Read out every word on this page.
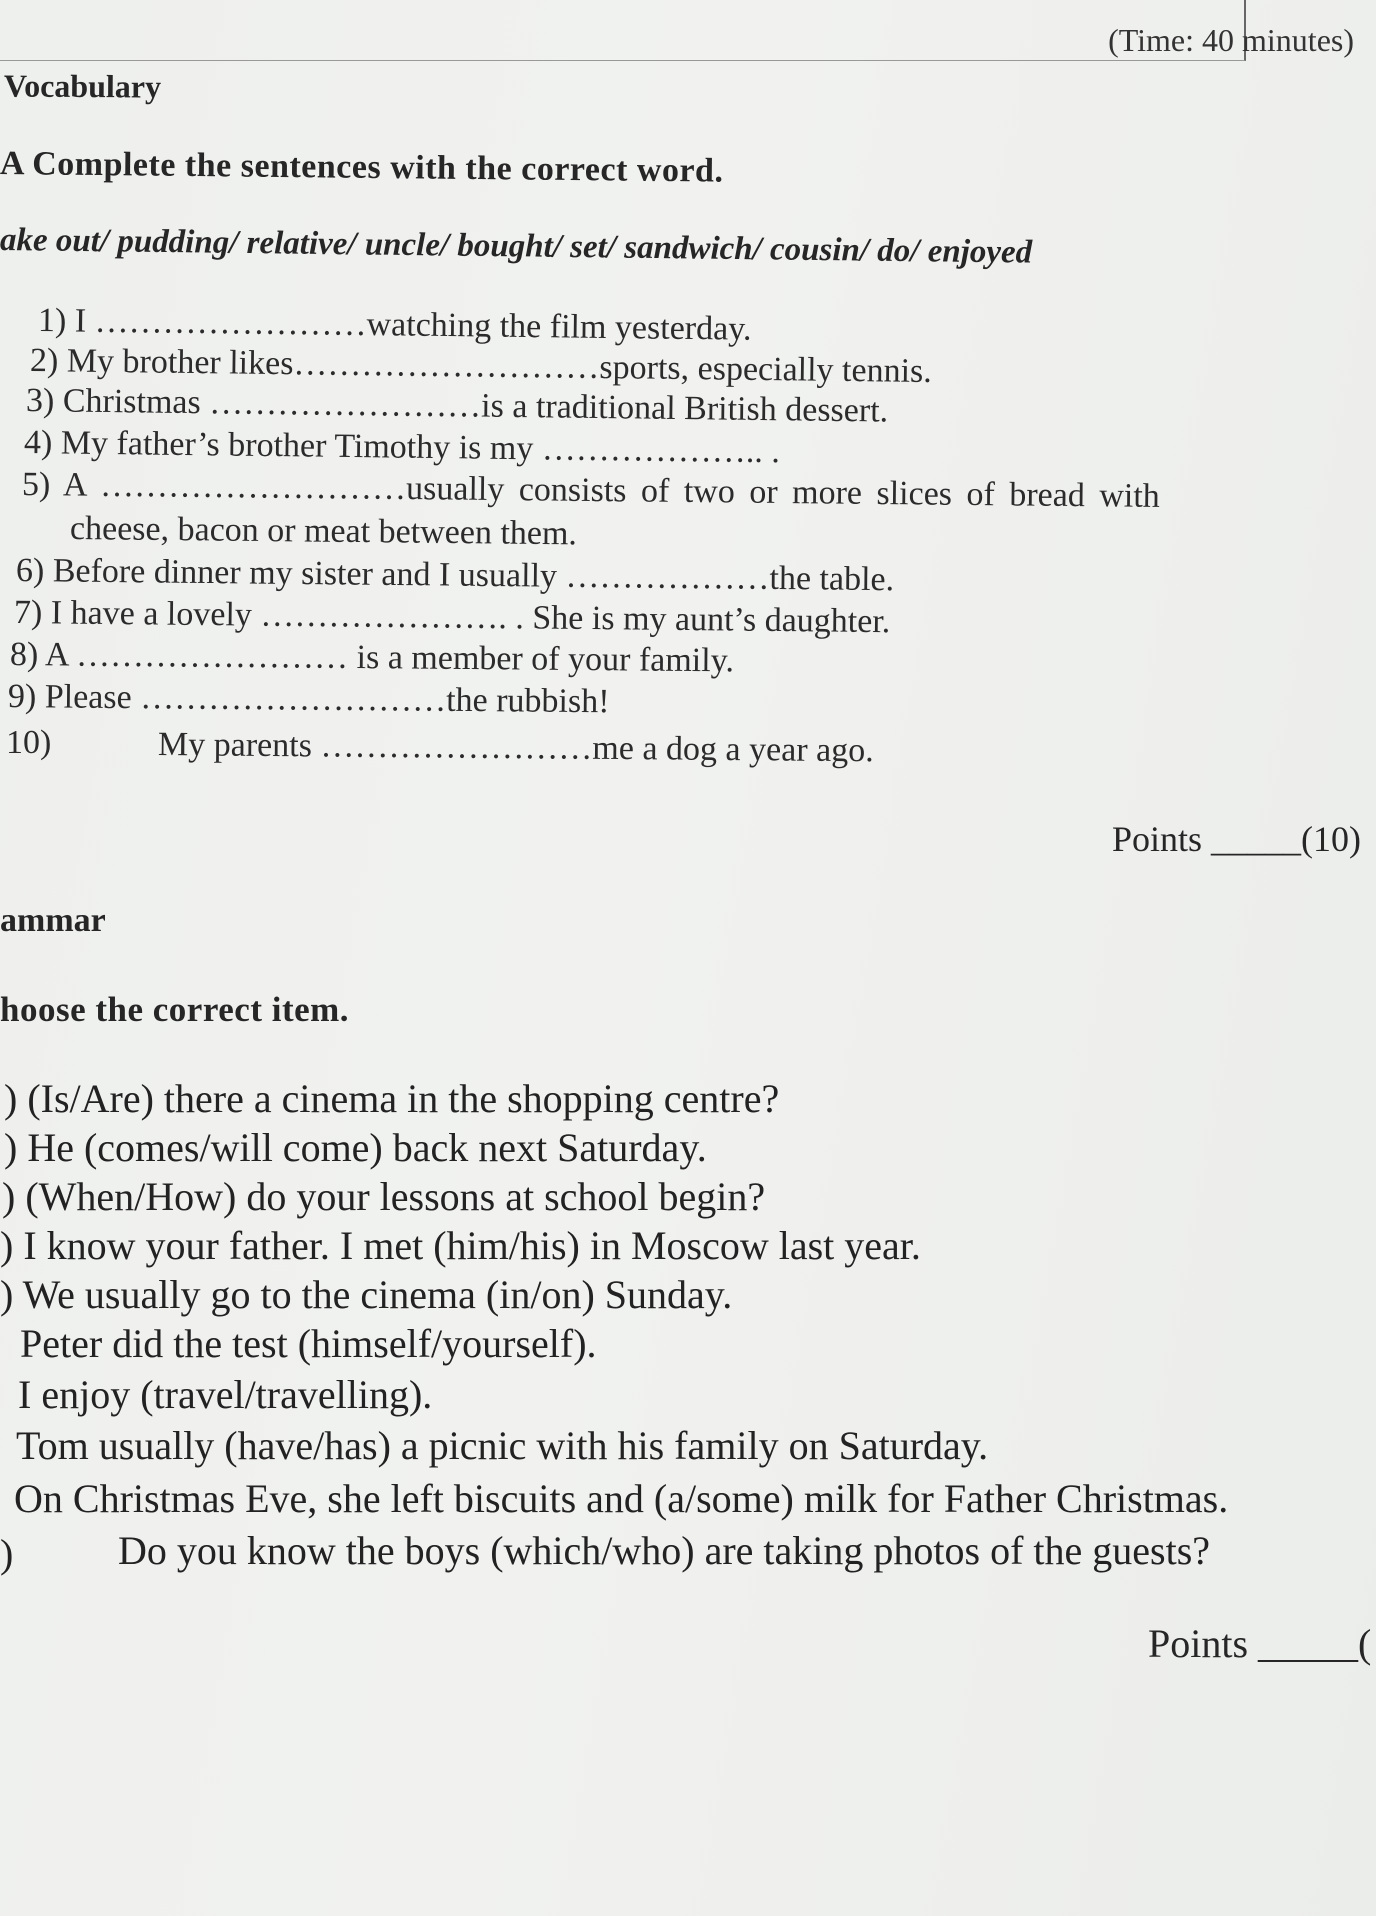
(Time: 40 minutes)
Vocabulary
A Complete the sentences with the correct word.
ake out/ pudding/ relative/ uncle/ bought/ set/ sandwich/ cousin/ do/ enjoyed
1) I ……………………watching the film yesterday.
2) My brother likes………………………sports, especially tennis.
3) Christmas ……………………is a traditional British dessert.
4) My father’s brother Timothy is my ……………….. .
5) A ………………………usually consists of two or more slices of bread with
cheese, bacon or meat between them.
6) Before dinner my sister and I usually ………………the table.
7) I have a lovely …………………. . She is my aunt’s daughter.
8) A …………………… is a member of your family.
9) Please ………………………the rubbish!
10)	My parents ……………………me a dog a year ago.
Points _____(10)
ammar
hoose the correct item.
) (Is/Are) there a cinema in the shopping centre?
) He (comes/will come) back next Saturday.
) (When/How) do your lessons at school begin?
) I know your father. I met (him/his) in Moscow last year.
) We usually go to the cinema (in/on) Sunday.
Peter did the test (himself/yourself).
I enjoy (travel/travelling).
Tom usually (have/has) a picnic with his family on Saturday.
On Christmas Eve, she left biscuits and (a/some) milk for Father Christmas.
)	Do you know the boys (which/who) are taking photos of the guests?
Points _____(
